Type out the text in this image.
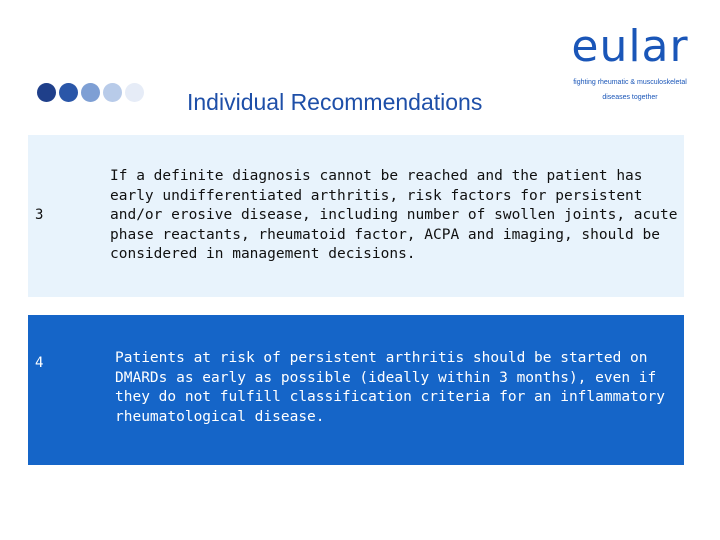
Individual Recommendations
eular
fighting rheumatic & musculoskeletal
diseases together
3
If a definite diagnosis cannot be reached and the patient has early undifferentiated arthritis, risk factors for persistent and/or erosive disease, including number of swollen joints, acute phase reactants, rheumatoid factor, ACPA and imaging, should be considered in management decisions.
4	Patients at risk of persistent arthritis should be started on DMARDs as early as possible (ideally within 3 months), even if they do not fulfill classification criteria for an inflammatory rheumatological disease.
